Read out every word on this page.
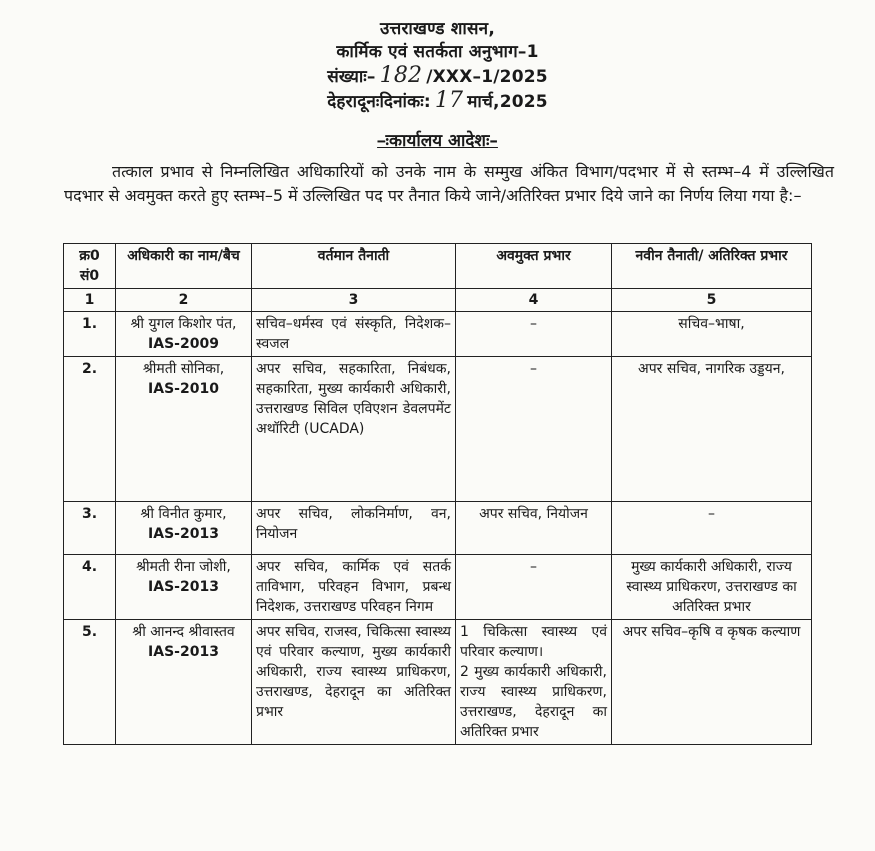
उत्तराखण्ड शासन,
कार्मिक एवं सतर्कता अनुभाग–1
संख्याः– 182 /XXX–1/2025
देहरादूनःदिनांकः: 17 मार्च,2025
–ःकार्यालय आदेशः–
तत्काल प्रभाव से निम्नलिखित अधिकारियों को उनके नाम के सम्मुख अंकित विभाग/पदभार में से स्तम्भ–4 में उल्लिखित पदभार से अवमुक्त करते हुए स्तम्भ–5 में उल्लिखित पद पर तैनात किये जाने/अतिरिक्त प्रभार दिये जाने का निर्णय लिया गया है:–
क्र0 सं0	अधिकारी का नाम/बैच	वर्तमान तैनाती	अवमुक्त प्रभार	नवीन तैनाती/ अतिरिक्त प्रभार
1	2	3	4	5
1.	श्री युगल किशोर पंत, IAS-2009	सचिव–धर्मस्व एवं संस्कृति, निदेशक–स्वजल	–	सचिव–भाषा,
2.	श्रीमती सोनिका,
IAS-2010	अपर सचिव, सहकारिता, निबंधक, सहकारिता, मुख्य कार्यकारी अधिकारी, उत्तराखण्ड सिविल एविएशन डेवलपमेंट अथॉरिटी (UCADA)	–	अपर सचिव, नागरिक उड्डयन,
3.	श्री विनीत कुमार,
IAS-2013	अपर सचिव, लोकनिर्माण, वन, नियोजन	अपर सचिव, नियोजन	–
4.	श्रीमती रीना जोशी,
IAS-2013	अपर सचिव, कार्मिक एवं सतर्क ताविभाग, परिवहन विभाग, प्रबन्ध निदेशक, उत्तराखण्ड परिवहन निगम	–	मुख्य कार्यकारी अधिकारी, राज्य स्वास्थ्य प्राधिकरण, उत्तराखण्ड का अतिरिक्त प्रभार
5.	श्री आनन्द श्रीवास्तव
IAS-2013	अपर सचिव, राजस्व, चिकित्सा स्वास्थ्य एवं परिवार कल्याण, मुख्य कार्यकारी अधिकारी, राज्य स्वास्थ्य प्राधिकरण, उत्तराखण्ड, देहरादून का अतिरिक्त प्रभार	1 चिकित्सा स्वास्थ्य एवं परिवार कल्याण।
2 मुख्य कार्यकारी अधिकारी, राज्य स्वास्थ्य प्राधिकरण, उत्तराखण्ड, देहरादून का अतिरिक्त प्रभार	अपर सचिव–कृषि व कृषक कल्याण
